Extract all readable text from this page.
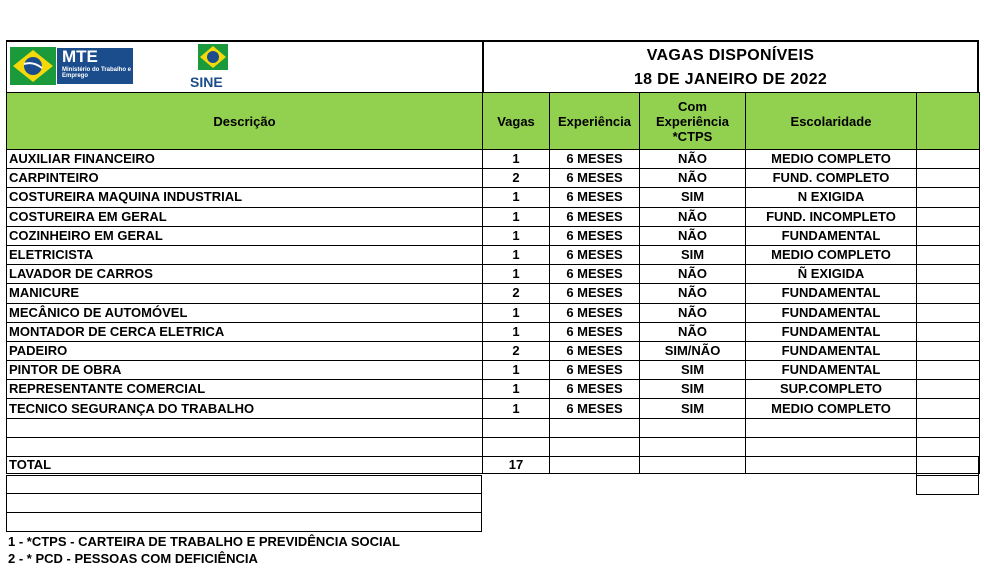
VAGAS DISPONÍVEIS
18 DE JANEIRO DE 2022
MTE
Ministério do Trabalho e Emprego	SINE
Descrição	Vagas	Experiência	Com Experiência *CTPS	Escolaridade	
AUXILIAR FINANCEIRO	1	6 MESES	NÃO	MEDIO COMPLETO	
CARPINTEIRO	2	6 MESES	NÃO	FUND. COMPLETO	
COSTUREIRA MAQUINA INDUSTRIAL	1	6 MESES	SIM	N EXIGIDA	
COSTUREIRA EM GERAL	1	6 MESES	NÃO	FUND. INCOMPLETO	
COZINHEIRO EM GERAL	1	6 MESES	NÃO	FUNDAMENTAL	
ELETRICISTA	1	6 MESES	SIM	MEDIO COMPLETO	
LAVADOR DE CARROS	1	6 MESES	NÃO	Ñ EXIGIDA	
MANICURE	2	6 MESES	NÃO	FUNDAMENTAL	
MECÂNICO DE AUTOMÓVEL	1	6 MESES	NÃO	FUNDAMENTAL	
MONTADOR DE CERCA ELETRICA	1	6 MESES	NÃO	FUNDAMENTAL	
PADEIRO	2	6 MESES	SIM/NÃO	FUNDAMENTAL	
PINTOR DE OBRA	1	6 MESES	SIM	FUNDAMENTAL	
REPRESENTANTE COMERCIAL	1	6 MESES	SIM	SUP.COMPLETO	
TECNICO SEGURANÇA DO TRABALHO	1	6 MESES	SIM	MEDIO COMPLETO	

TOTAL	17				
1 - *CTPS - CARTEIRA DE TRABALHO E PREVIDÊNCIA SOCIAL
2 - * PCD - PESSOAS COM DEFICIÊNCIA
